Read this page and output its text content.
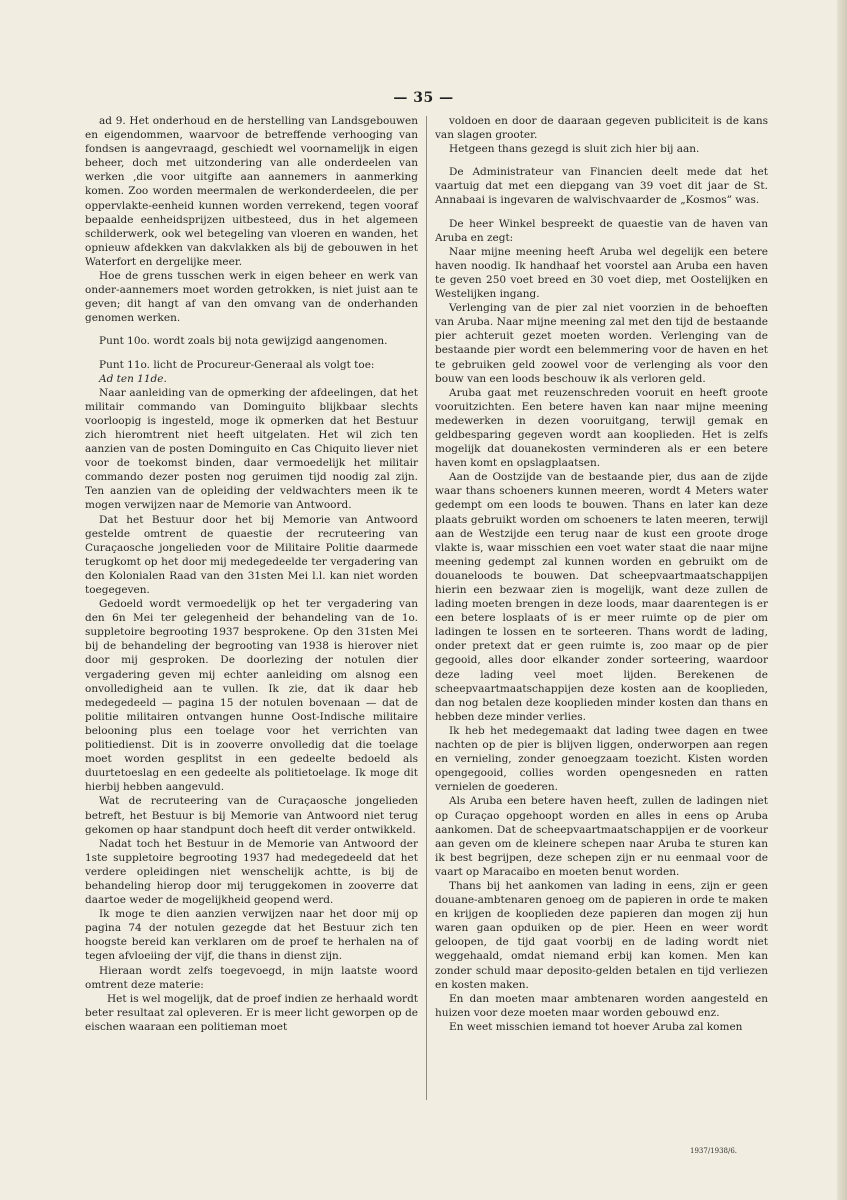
— 35 —

ad 9. Het onderhoud en de herstelling van Landsgebouwen en eigendommen, waarvoor de betreffende verhooging van fondsen is aangevraagd, geschiedt wel voornamelijk in eigen beheer, doch met uitzondering van alle onderdeelen van werken ,die voor uitgifte aan aannemers in aanmerking komen. Zoo worden meermalen de werkonderdeelen, die per oppervlakte-eenheid kunnen worden verrekend, tegen vooraf bepaalde eenheidsprijzen uitbesteed, dus in het algemeen schilderwerk, ook wel betegeling van vloeren en wanden, het opnieuw afdekken van dakvlakken als bij de gebouwen in het Waterfort en dergelijke meer.

Hoe de grens tusschen werk in eigen beheer en werk van onder-aannemers moet worden getrokken, is niet juist aan te geven; dit hangt af van den omvang van de onderhanden genomen werken.

Punt 10o. wordt zoals bij nota gewijzigd aangenomen.

Punt 11o. licht de Procureur-Generaal als volgt toe:

Ad ten 11de.

Naar aanleiding van de opmerking der afdeelingen, dat het militair commando van Dominguito blijkbaar slechts voorloopig is ingesteld, moge ik opmerken dat het Bestuur zich hieromtrent niet heeft uitgelaten. Het wil zich ten aanzien van de posten Dominguito en Cas Chiquito liever niet voor de toekomst binden, daar vermoedelijk het militair commando dezer posten nog geruimen tijd noodig zal zijn. Ten aanzien van de opleiding der veldwachters meen ik te mogen verwijzen naar de Memorie van Antwoord.

Dat het Bestuur door het bij Memorie van Antwoord gestelde omtrent de quaestie der recruteering van Curaçaosche jongelieden voor de Militaire Politie daarmede terugkomt op het door mij medegedeelde ter vergadering van den Kolonialen Raad van den 31sten Mei l.l. kan niet worden toegegeven.

Gedoeld wordt vermoedelijk op het ter vergadering van den 6n Mei ter gelegenheid der behandeling van de 1o. suppletoire begrooting 1937 besprokene. Op den 31sten Mei bij de behandeling der begrooting van 1938 is hierover niet door mij gesproken. De doorlezing der notulen dier vergadering geven mij echter aanleiding om alsnog een onvolledigheid aan te vullen. Ik zie, dat ik daar heb medegedeeld — pagina 15 der notulen bovenaan — dat de politie militairen ontvangen hunne Oost-Indische militaire belooning plus een toelage voor het verrichten van politiedienst. Dit is in zooverre onvolledig dat die toelage moet worden gesplitst in een gedeelte bedoeld als duurtetoeslag en een gedeelte als politietoelage. Ik moge dit hierbij hebben aangevuld.

Wat de recruteering van de Curaçaosche jongelieden betreft, het Bestuur is bij Memorie van Antwoord niet terug gekomen op haar standpunt doch heeft dit verder ontwikkeld.

Nadat toch het Bestuur in de Memorie van Antwoord der 1ste suppletoire begrooting 1937 had medegedeeld dat het verdere opleidingen niet wenschelijk achtte, is bij de behandeling hierop door mij teruggekomen in zooverre dat daartoe weder de mogelijkheid geopend werd.

Ik moge te dien aanzien verwijzen naar het door mij op pagina 74 der notulen gezegde dat het Bestuur zich ten hoogste bereid kan verklaren om de proef te herhalen na of tegen afvloeiing der vijf, die thans in dienst zijn.

Hieraan wordt zelfs toegevoegd, in mijn laatste woord omtrent deze materie:

Het is wel mogelijk, dat de proef indien ze herhaald wordt beter resultaat zal opleveren. Er is meer licht geworpen op de eischen waaraan een politieman moet

voldoen en door de daaraan gegeven publiciteit is de kans van slagen grooter.

Hetgeen thans gezegd is sluit zich hier bij aan.

De Administrateur van Financien deelt mede dat het vaartuig dat met een diepgang van 39 voet dit jaar de St. Annabaai is ingevaren de walvischvaarder de „Kosmos” was.

De heer Winkel bespreekt de quaestie van de haven van Aruba en zegt:

Naar mijne meening heeft Aruba wel degelijk een betere haven noodig. Ik handhaaf het voorstel aan Aruba een haven te geven 250 voet breed en 30 voet diep, met Oostelijken en Westelijken ingang.

Verlenging van de pier zal niet voorzien in de behoeften van Aruba. Naar mijne meening zal met den tijd de bestaande pier achteruit gezet moeten worden. Verlenging van de bestaande pier wordt een belemmering voor de haven en het te gebruiken geld zoowel voor de verlenging als voor den bouw van een loods beschouw ik als verloren geld.

Aruba gaat met reuzenschreden vooruit en heeft groote vooruitzichten. Een betere haven kan naar mijne meening medewerken in dezen vooruitgang, terwijl gemak en geldbesparing gegeven wordt aan kooplieden. Het is zelfs mogelijk dat douanekosten verminderen als er een betere haven komt en opslagplaatsen.

Aan de Oostzijde van de bestaande pier, dus aan de zijde waar thans schoeners kunnen meeren, wordt 4 Meters water gedempt om een loods te bouwen. Thans en later kan deze plaats gebruikt worden om schoeners te laten meeren, terwijl aan de Westzijde een terug naar de kust een groote droge vlakte is, waar misschien een voet water staat die naar mijne meening gedempt zal kunnen worden en gebruikt om de douaneloods te bouwen. Dat scheepvaartmaatschappijen hierin een bezwaar zien is mogelijk, want deze zullen de lading moeten brengen in deze loods, maar daarentegen is er een betere losplaats of is er meer ruimte op de pier om ladingen te lossen en te sorteeren. Thans wordt de lading, onder pretext dat er geen ruimte is, zoo maar op de pier gegooid, alles door elkander zonder sorteering, waardoor deze lading veel moet lijden. Berekenen de scheepvaartmaatschappijen deze kosten aan de kooplieden, dan nog betalen deze kooplieden minder kosten dan thans en hebben deze minder verlies.

Ik heb het medegemaakt dat lading twee dagen en twee nachten op de pier is blijven liggen, onderworpen aan regen en vernieling, zonder genoegzaam toezicht. Kisten worden opengegooid, collies worden opengesneden en ratten vernielen de goederen.

Als Aruba een betere haven heeft, zullen de ladingen niet op Curaçao opgehoopt worden en alles in eens op Aruba aankomen. Dat de scheepvaartmaatschappijen er de voorkeur aan geven om de kleinere schepen naar Aruba te sturen kan ik best begrijpen, deze schepen zijn er nu eenmaal voor de vaart op Maracaibo en moeten benut worden.

Thans bij het aankomen van lading in eens, zijn er geen douane-ambtenaren genoeg om de papieren in orde te maken en krijgen de kooplieden deze papieren dan mogen zij hun waren gaan opduiken op de pier. Heen en weer wordt geloopen, de tijd gaat voorbij en de lading wordt niet weggehaald, omdat niemand erbij kan komen. Men kan zonder schuld maar deposito-gelden betalen en tijd verliezen en kosten maken.

En dan moeten maar ambtenaren worden aangesteld en huizen voor deze moeten maar worden gebouwd enz.

En weet misschien iemand tot hoever Aruba zal komen

1937/1938/6.
